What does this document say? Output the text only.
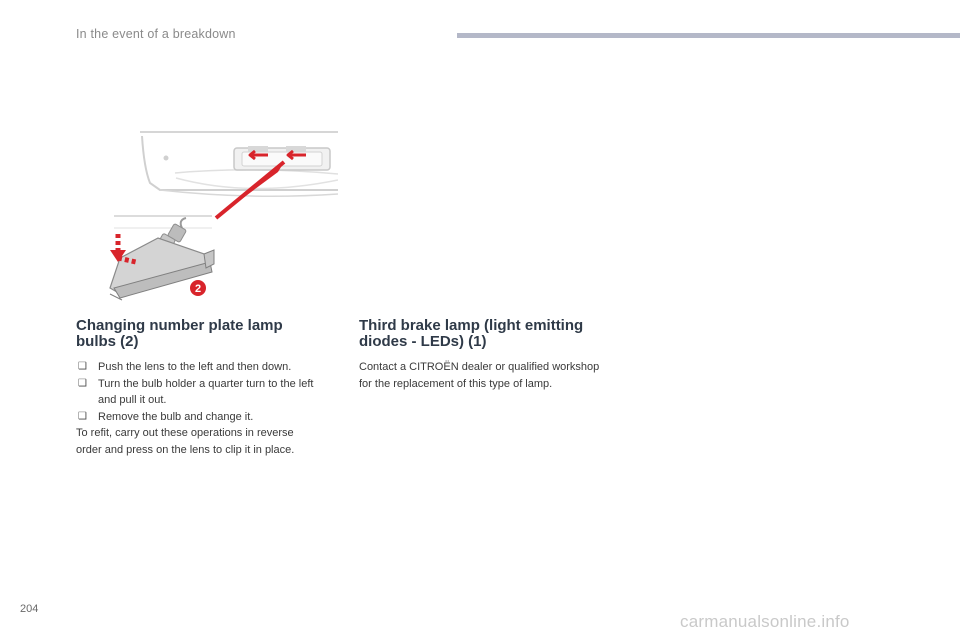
In the event of a breakdown
2
Changing number plate lamp
bulbs (2)
❑ Push the lens to the left and then down.
❑ Turn the bulb holder a quarter turn to the left and pull it out.
❑ Remove the bulb and change it.
To refit, carry out these operations in reverse
order and press on the lens to clip it in place.
Third brake lamp (light emitting
diodes - LEDs) (1)
Contact a CITROËN dealer or qualified workshop for the replacement of this type of lamp.
204
carmanualsonline.info
